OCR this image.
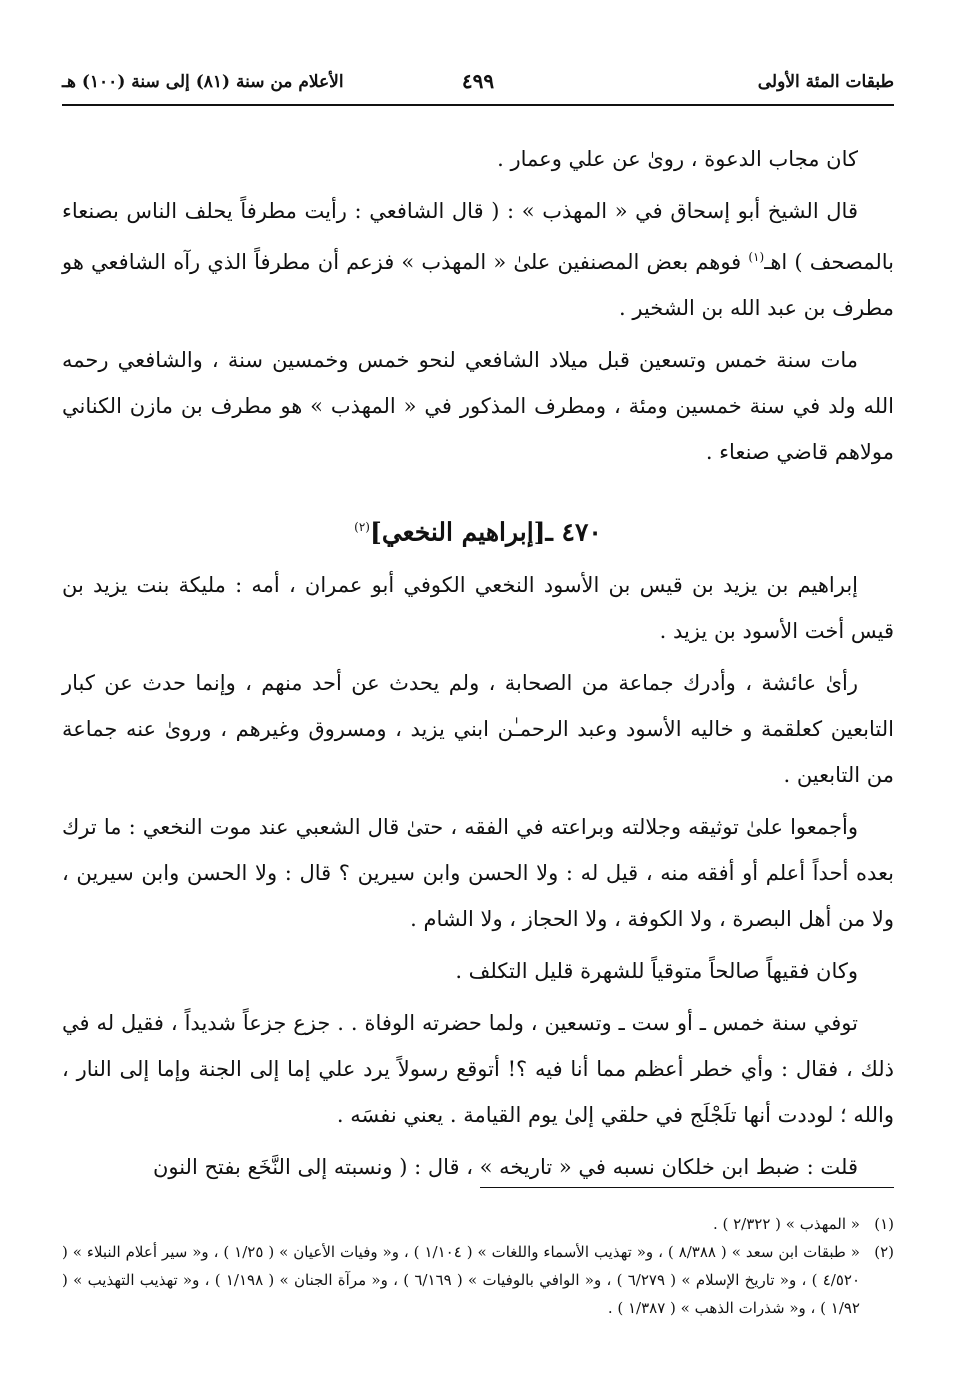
طبقات المئة الأولى
٤٩٩
الأعلام من سنة (٨١) إلى سنة (١٠٠) هـ

كان مجاب الدعوة ، روىٰ عن علي وعمار .

قال الشيخ أبو إسحاق في « المهذب » : ( قال الشافعي : رأيت مطرفاً يحلف الناس بصنعاء بالمصحف ) اهـ$^{(١)}$ فوهم بعض المصنفين علىٰ « المهذب » فزعم أن مطرفاً الذي رآه الشافعي هو مطرف بن عبد الله بن الشخير .

مات سنة خمس وتسعين قبل ميلاد الشافعي لنحو خمس وخمسين سنة ، والشافعي رحمه الله ولد في سنة خمسين ومئة ، ومطرف المذكور في « المهذب » هو مطرف بن مازن الكناني مولاهم قاضي صنعاء .

٤٧٠ ـ[إبراهيم النخعي]$^{(٢)}$

إبراهيم بن يزيد بن قيس بن الأسود النخعي الكوفي أبو عمران ، أمه : مليكة بنت يزيد بن قيس أخت الأسود بن يزيد .

رأىٰ عائشة ، وأدرك جماعة من الصحابة ، ولم يحدث عن أحد منهم ، وإنما حدث عن كبار التابعين كعلقمة و خاليه الأسود وعبد الرحمـٰن ابني يزيد ، ومسروق وغيرهم ، وروىٰ عنه جماعة من التابعين .

وأجمعوا علىٰ توثيقه وجلالته وبراعته في الفقه ، حتىٰ قال الشعبي عند موت النخعي : ما ترك بعده أحداً أعلم أو أفقه منه ، قيل له : ولا الحسن وابن سيرين ؟ قال : ولا الحسن وابن سيرين ، ولا من أهل البصرة ، ولا الكوفة ، ولا الحجاز ، ولا الشام .

وكان فقيهاً صالحاً متوقياً للشهرة قليل التكلف .

توفي سنة خمس ـ أو ست ـ وتسعين ، ولما حضرته الوفاة . . جزع جزعاً شديداً ، فقيل له في ذلك ، فقال : وأي خطر أعظم مما أنا فيه ؟! أتوقع رسولاً يرد علي إما إلى الجنة وإما إلى النار ، والله ؛ لوددت أنها تلَجْلَج في حلقي إلىٰ يوم القيامة . يعني نفسَه .

قلت : ضبط ابن خلكان نسبه في « تاريخه » ، قال : ( ونسبته إلى النَّخَع بفتح النون

(١)
« المهذب » ( ٢/٣٢٢ ) .
(٢)
« طبقات ابن سعد » ( ٨/٣٨٨ ) ، و« تهذيب الأسماء واللغات » ( ١/١٠٤ ) ، و« وفيات الأعيان » ( ١/٢٥ ) ، و« سير أعلام النبلاء » ( ٤/٥٢٠ ) ، و« تاريخ الإسلام » ( ٦/٢٧٩ ) ، و« الوافي بالوفيات » ( ٦/١٦٩ ) ، و« مرآة الجنان » ( ١/١٩٨ ) ، و« تهذيب التهذيب » ( ١/٩٢ ) ، و« شذرات الذهب » ( ١/٣٨٧ ) .
